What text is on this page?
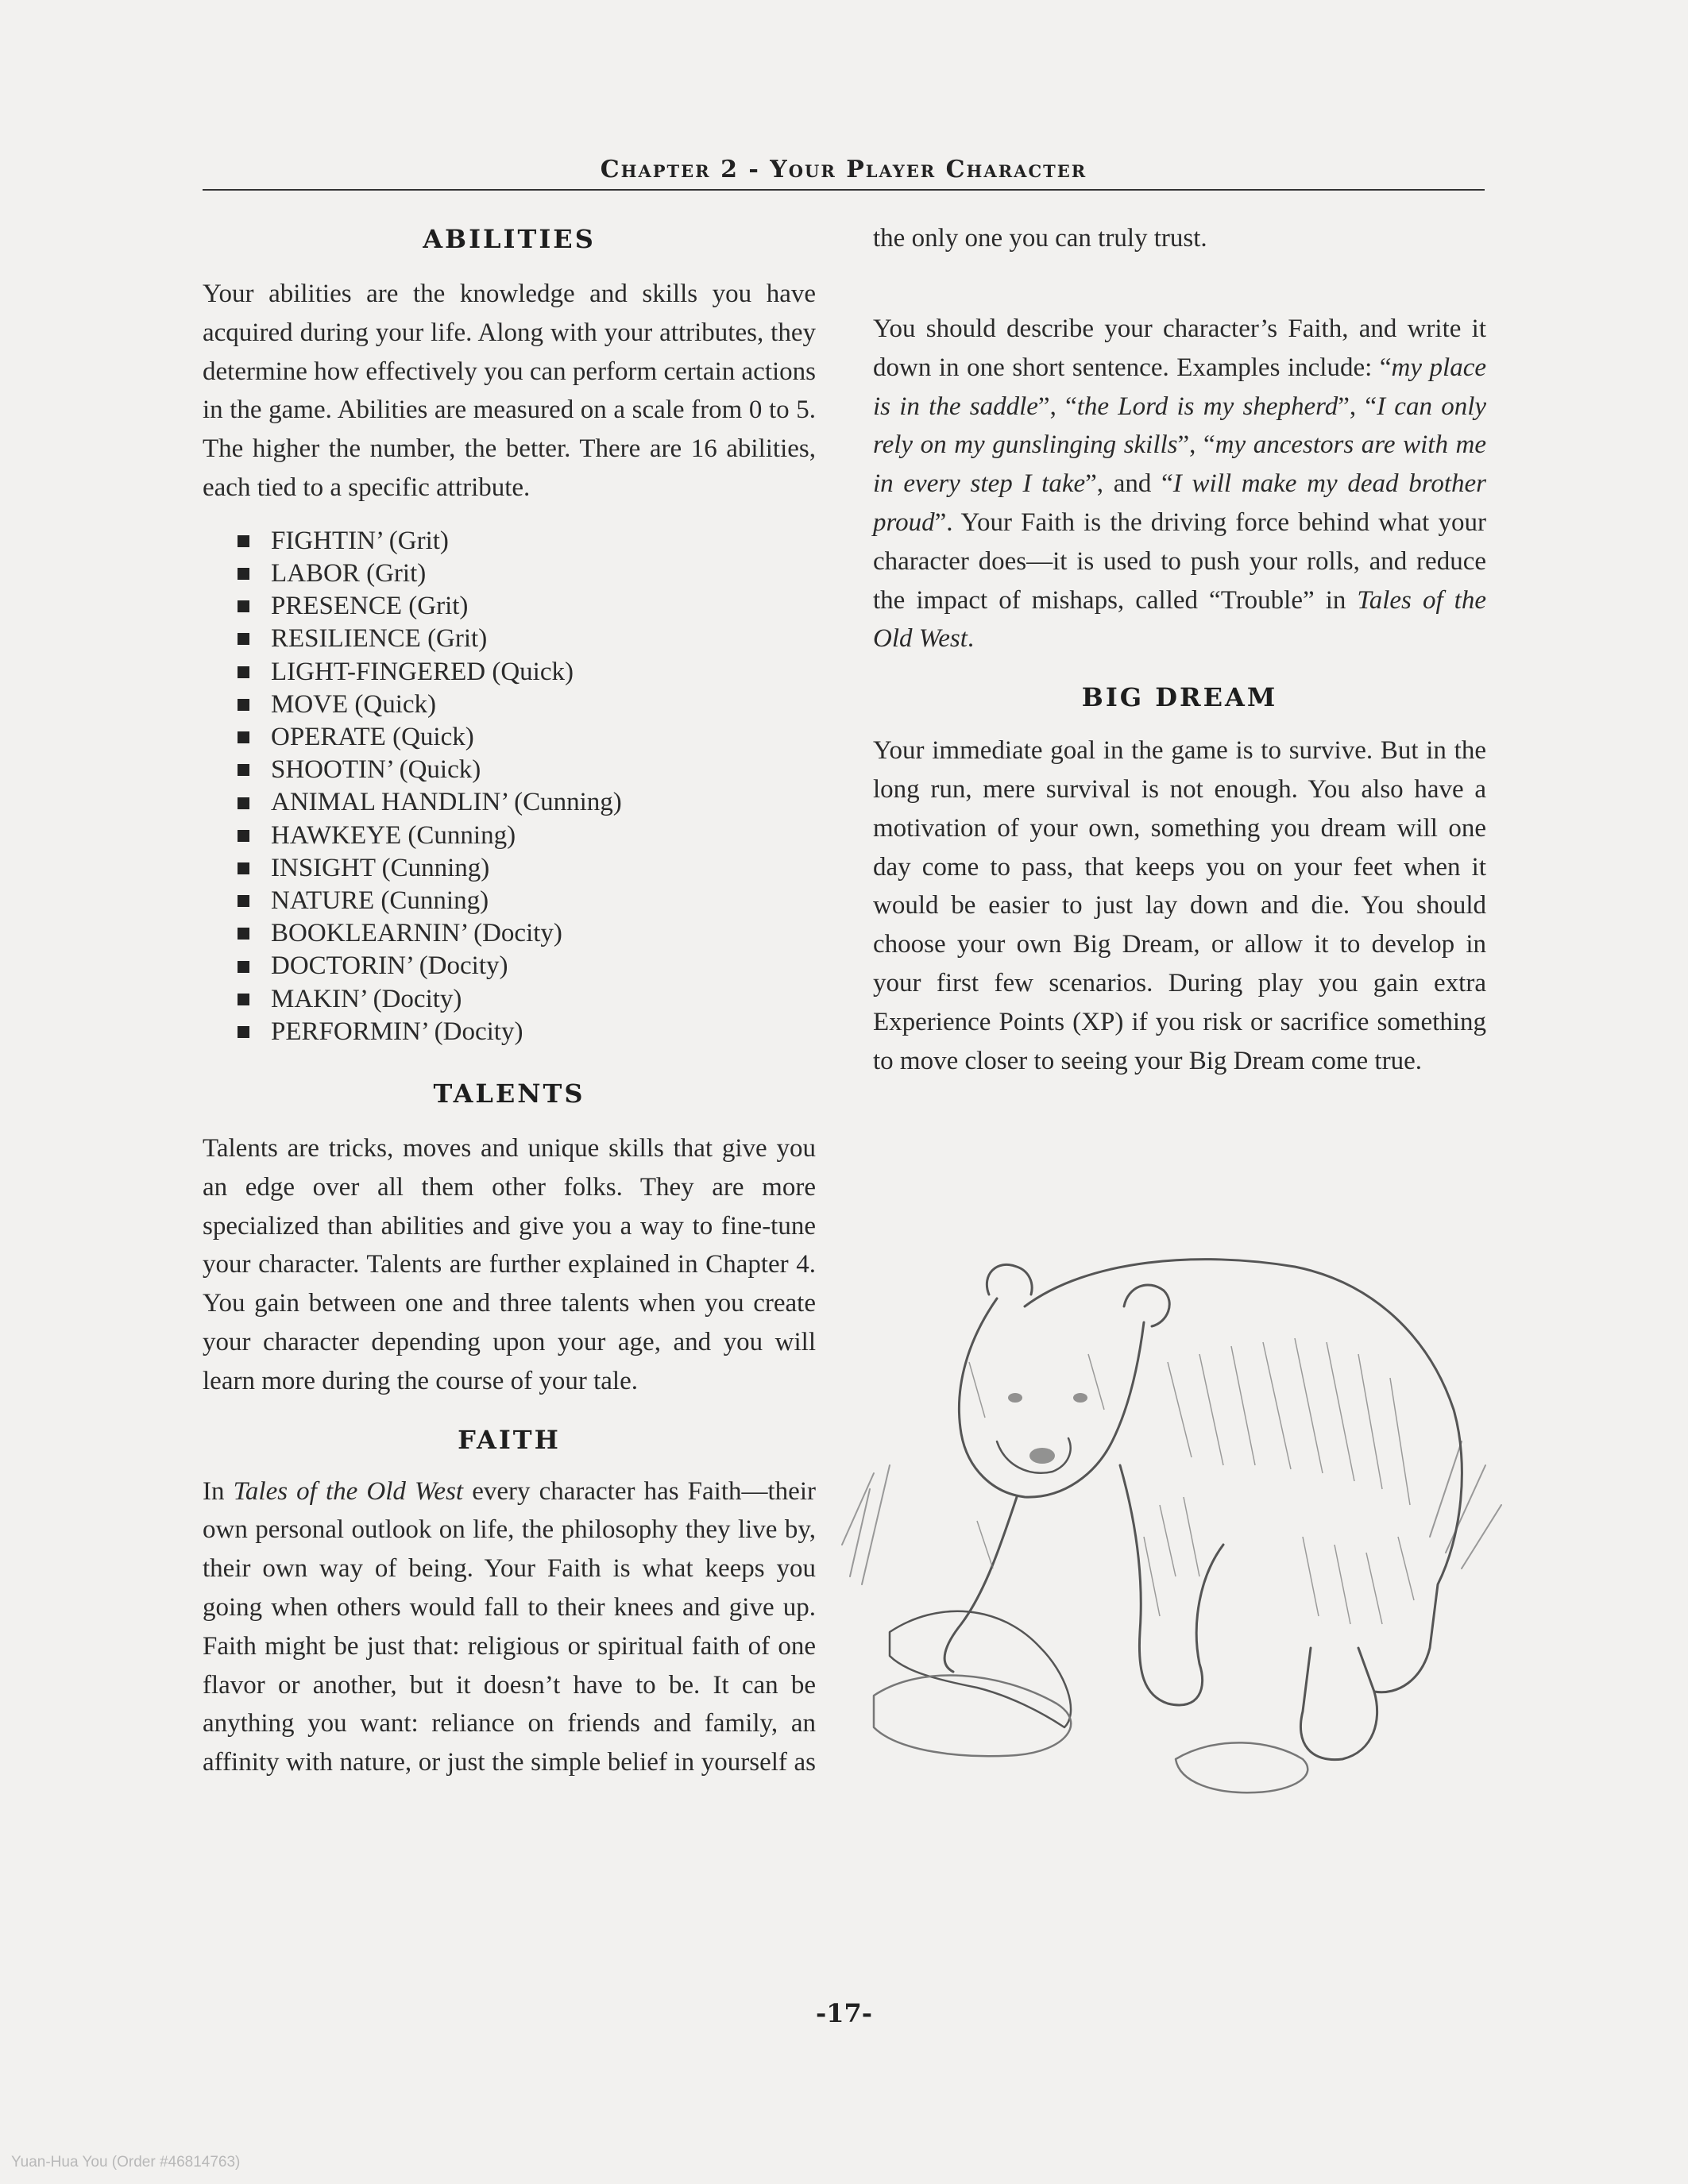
Chapter 2 - Your Player Character
ABILITIES

Your abilities are the knowledge and skills you have acquired during your life. Along with your attributes, they determine how effectively you can perform certain actions in the game. Abilities are measured on a scale from 0 to 5. The higher the number, the better. There are 16 abilities, each tied to a specific attribute.

FIGHTIN’ (Grit)
LABOR (Grit)
PRESENCE (Grit)
RESILIENCE (Grit)
LIGHT-FINGERED (Quick)
MOVE (Quick)
OPERATE (Quick)
SHOOTIN’ (Quick)
ANIMAL HANDLIN’ (Cunning)
HAWKEYE (Cunning)
INSIGHT (Cunning)
NATURE (Cunning)
BOOKLEARNIN’ (Docity)
DOCTORIN’ (Docity)
MAKIN’ (Docity)
PERFORMIN’ (Docity)
TALENTS

Talents are tricks, moves and unique skills that give you an edge over all them other folks. They are more specialized than abilities and give you a way to fine-tune your character. Talents are further explained in Chapter 4. You gain between one and three talents when you create your character depending upon your age, and you will learn more during the course of your tale.

FAITH

In Tales of the Old West every character has Faith—their own personal outlook on life, the philosophy they live by, their own way of being. Your Faith is what keeps you going when others would fall to their knees and give up. Faith might be just that: religious or spiritual faith of one flavor or another, but it doesn’t have to be. It can be anything you want: reliance on friends and family, an affinity with nature, or just the simple belief in yourself as

the only one you can truly trust.

You should describe your character’s Faith, and write it down in one short sentence. Examples include: “my place is in the saddle”, “the Lord is my shepherd”, “I can only rely on my gunslinging skills”, “my ancestors are with me in every step I take”, and “I will make my dead brother proud”. Your Faith is the driving force behind what your character does—it is used to push your rolls, and reduce the impact of mishaps, called “Trouble” in Tales of the Old West.

BIG DREAM

Your immediate goal in the game is to survive. But in the long run, mere survival is not enough. You also have a motivation of your own, something you dream will one day come to pass, that keeps you on your feet when it would be easier to just lay down and die. You should choose your own Big Dream, or allow it to develop in your first few scenarios. During play you gain extra Experience Points (XP) if you risk or sacrifice something to move closer to seeing your Big Dream come true.

-17-
Yuan-Hua You (Order #46814763)
